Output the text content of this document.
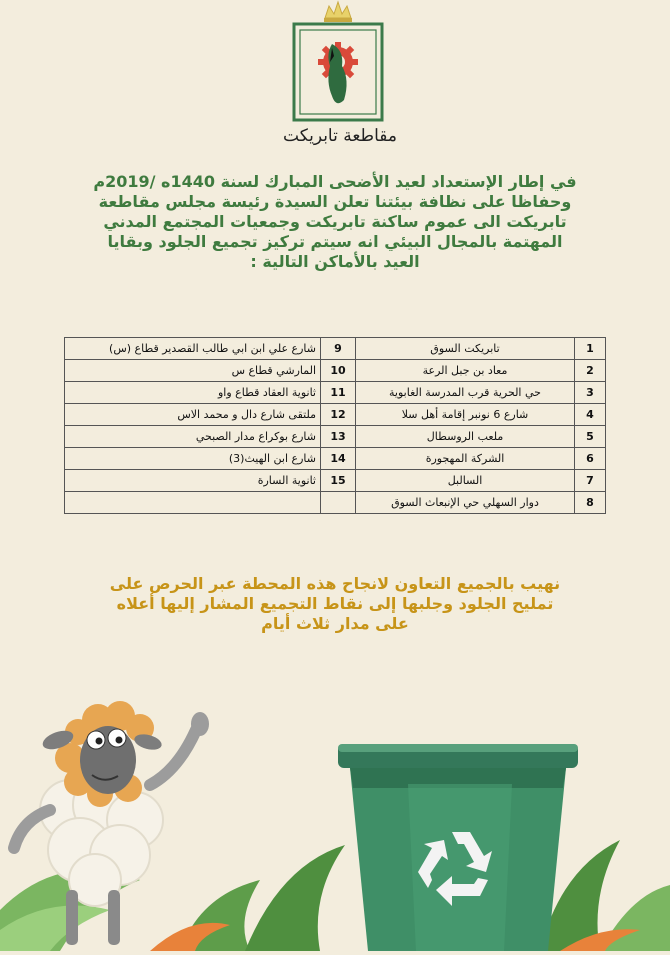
مقاطعة تابريكت
في إطار الإستعداد لعيد الأضحى المبارك لسنة 1440ه /2019م
وحفاظا على نظافة بيئتنا تعلن السيدة رئيسة مجلس مقاطعة
تابريكت الى عموم ساكنة تابريكت وجمعيات المجتمع المدني
المهتمة بالمجال البيئي انه سيتم تركيز تجميع الجلود وبقايا
العيد بالأماكن التالية :
1	تابريكت السوق	9	شارع علي ابن ابي طالب القصدير قطاع (س)
2	معاد بن جبل الرعة	10	المارشي قطاع س
3	حي الحرية قرب المدرسة الغابوية	11	ثانوية العقاد قطاع واو
4	شارع 6 نونبر إقامة أهل سلا	12	ملتقى شارع دال و محمد الاس
5	ملعب الروسطال	13	شارع بوكراع مدار الصبحي
6	الشركة المهجورة	14	شارع ابن الهيث(3)
7	السالبل	15	ثانوية السارة
8	دوار السهلي حي الإنبعاث السوق		
نهيب بالجميع التعاون لانجاح هذه المحطة عبر الحرص على
تمليح الجلود وجلبها إلى نقاط التجميع المشار إليها أعلاه
على مدار ثلاث أيام
